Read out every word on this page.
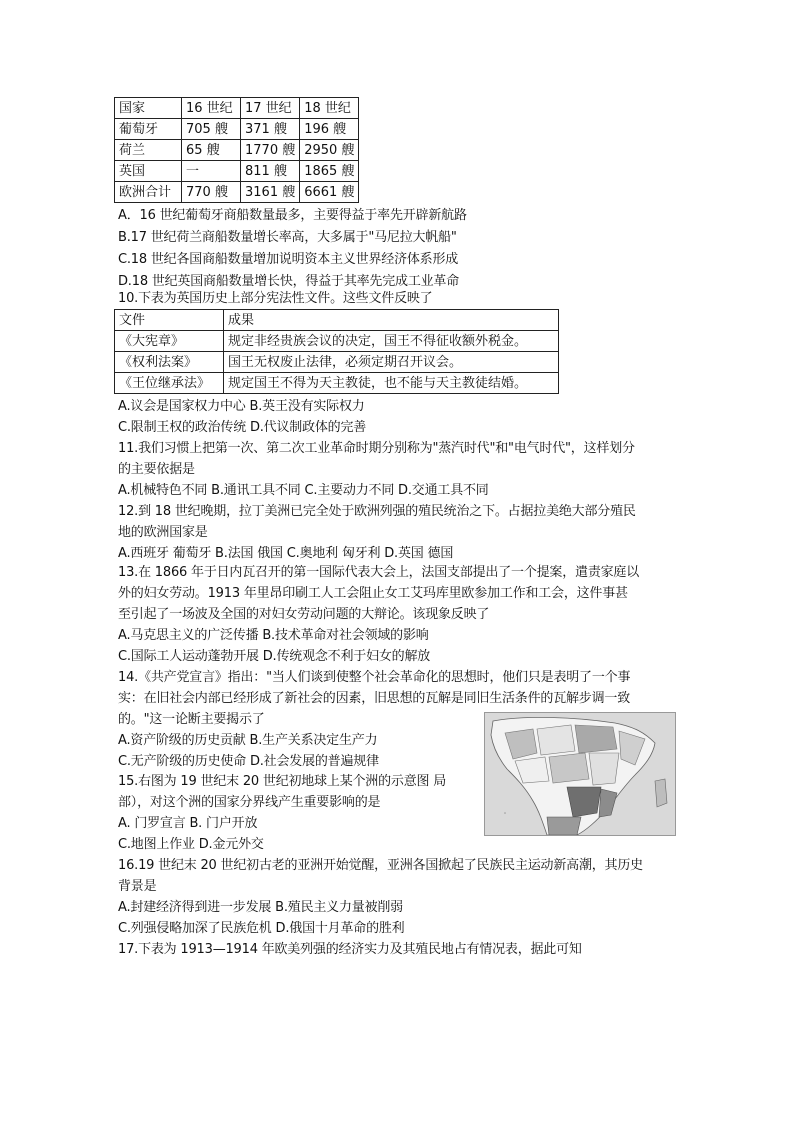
国家	16 世纪	17 世纪	18 世纪
葡萄牙	705 艘	371 艘	196 艘
荷兰	65 艘	1770 艘	2950 艘
英国	一	811 艘	1865 艘
欧洲合计	770 艘	3161 艘	6661 艘
A．16 世纪葡萄牙商船数量最多，主要得益于率先开辟新航路
B.17 世纪荷兰商船数量增长率高，大多属于"马尼拉大帆船"
C.18 世纪各国商船数量增加说明资本主义世界经济体系形成
D.18 世纪英国商船数量增长快，得益于其率先完成工业革命
10.下表为英国历史上部分宪法性文件。这些文件反映了
文件	成果
《大宪章》	规定非经贵族会议的决定，国王不得征收额外税金。
《权利法案》	国王无权废止法律，必须定期召开议会。
《王位继承法》	规定国王不得为天主教徒，也不能与天主教徒结婚。
A.议会是国家权力中心 B.英王没有实际权力
C.限制王权的政治传统 D.代议制政体的完善
11.我们习惯上把第一次、第二次工业革命时期分别称为"蒸汽时代"和"电气时代"，这样划分
的主要依据是
A.机械特色不同 B.通讯工具不同 C.主要动力不同 D.交通工具不同
12.到 18 世纪晚期，拉丁美洲已完全处于欧洲列强的殖民统治之下。占据拉美绝大部分殖民
地的欧洲国家是
A.西班牙 葡萄牙 B.法国 俄国 C.奥地利 匈牙利 D.英国 德国
13.在 1866 年于日内瓦召开的第一国际代表大会上，法国支部提出了一个提案，遣责家庭以
外的妇女劳动。1913 年里昂印刷工人工会阻止女工艾玛库里欧参加工作和工会，这件事甚
至引起了一场波及全国的对妇女劳动问题的大辩论。该现象反映了
A.马克思主义的广泛传播 B.技术革命对社会领域的影响
C.国际工人运动蓬勃开展 D.传统观念不利于妇女的解放
14.《共产党宣言》指出："当人们谈到使整个社会革命化的思想时，他们只是表明了一个事
实：在旧社会内部已经形成了新社会的因素，旧思想的瓦解是同旧生活条件的瓦解步调一致
的。"这一论断主要揭示了
A.资产阶级的历史贡献 B.生产关系决定生产力
C.无产阶级的历史使命 D.社会发展的普遍规律
15.右图为 19 世纪末 20 世纪初地球上某个洲的示意图 局
部），对这个洲的国家分界线产生重要影响的是
A. 门罗宣言 B. 门户开放
C.地图上作业 D.金元外交
16.19 世纪末 20 世纪初古老的亚洲开始觉醒，亚洲各国掀起了民族民主运动新高潮，其历史
背景是
A.封建经济得到进一步发展 B.殖民主义力量被削弱
C.列强侵略加深了民族危机 D.俄国十月革命的胜利
17.下表为 1913—1914 年欧美列强的经济实力及其殖民地占有情况表，据此可知
